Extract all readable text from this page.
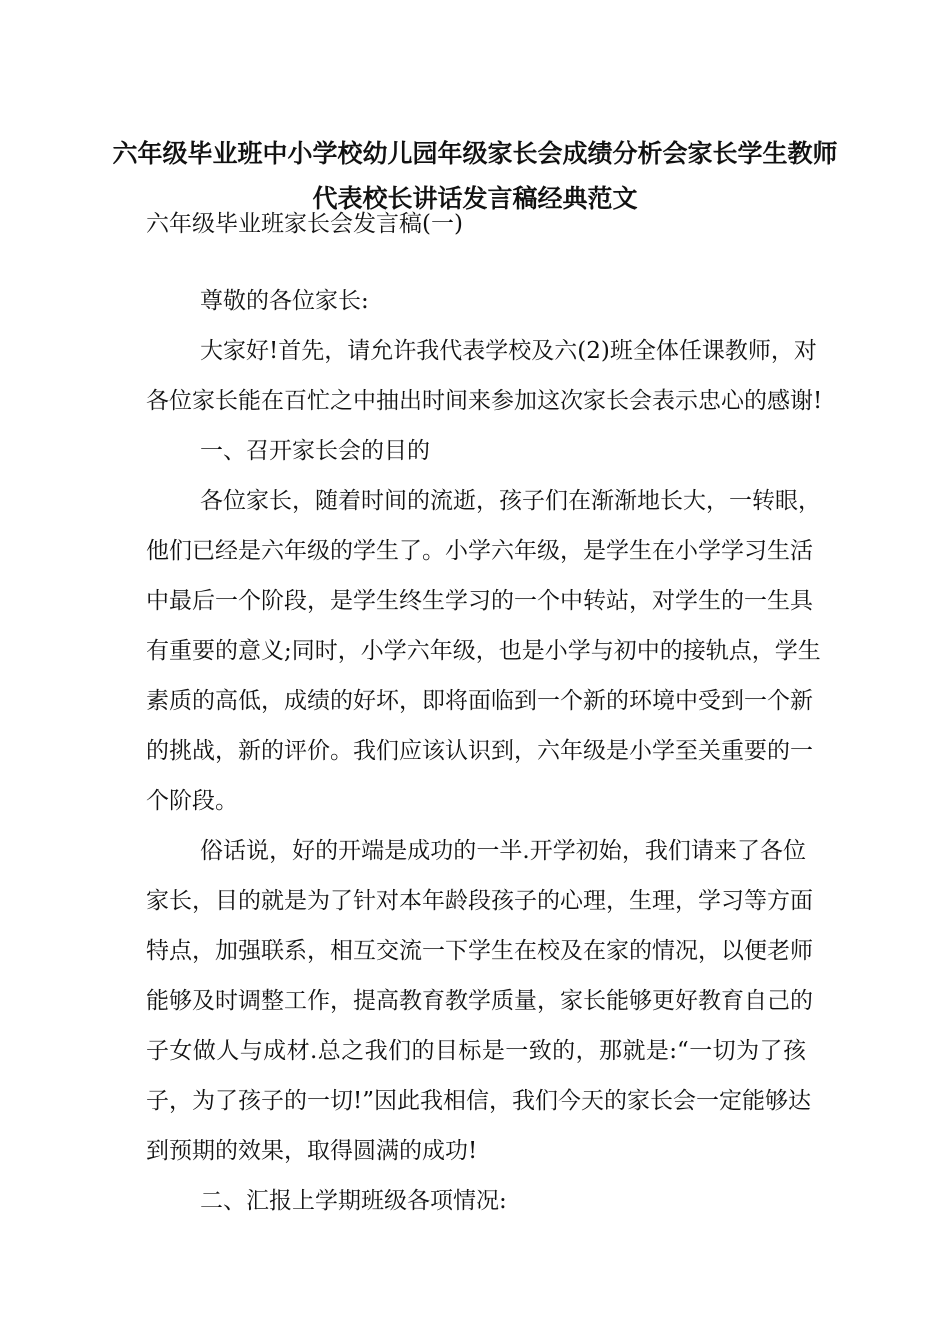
六年级毕业班中小学校幼儿园年级家长会成绩分析会家长学生教师
代表校长讲话发言稿经典范文
六年级毕业班家长会发言稿(一)
尊敬的各位家长:
大家好!首先，请允许我代表学校及六(2)班全体任课教师，对
各位家长能在百忙之中抽出时间来参加这次家长会表示忠心的感谢!
一、召开家长会的目的
各位家长，随着时间的流逝，孩子们在渐渐地长大，一转眼，
他们已经是六年级的学生了。小学六年级，是学生在小学学习生活
中最后一个阶段，是学生终生学习的一个中转站，对学生的一生具
有重要的意义;同时，小学六年级，也是小学与初中的接轨点，学生
素质的高低，成绩的好坏，即将面临到一个新的环境中受到一个新
的挑战，新的评价。我们应该认识到，六年级是小学至关重要的一
个阶段。
俗话说，好的开端是成功的一半.开学初始，我们请来了各位
家长，目的就是为了针对本年龄段孩子的心理，生理，学习等方面
特点，加强联系，相互交流一下学生在校及在家的情况，以便老师
能够及时调整工作，提高教育教学质量，家长能够更好教育自己的
子女做人与成材.总之我们的目标是一致的，那就是:“一切为了孩
子，为了孩子的一切!”因此我相信，我们今天的家长会一定能够达
到预期的效果，取得圆满的成功!
二、汇报上学期班级各项情况:
